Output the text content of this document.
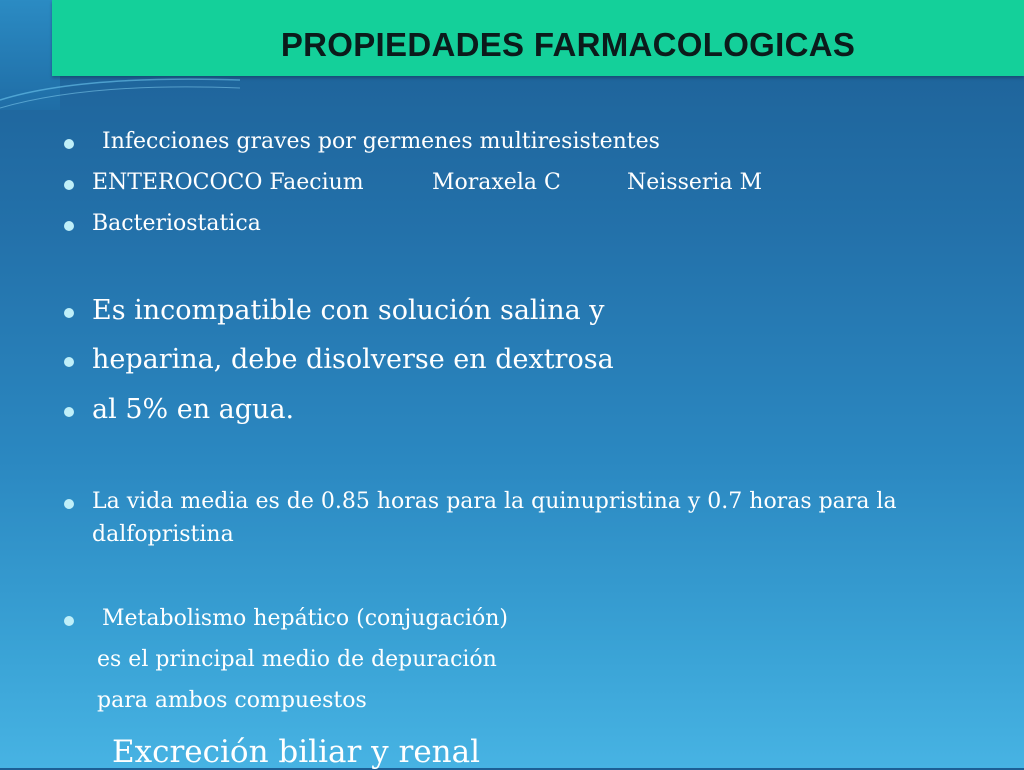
PROPIEDADES FARMACOLOGICAS
Infecciones graves por germenes multiresistentes
ENTEROCOCO Faecium	Moraxela C	Neisseria M
Bacteriostatica
Es incompatible con solución salina y
heparina, debe disolverse en dextrosa
al 5% en agua.
La vida media es de 0.85 horas para la quinupristina y 0.7 horas para la
dalfopristina
Metabolismo hepático (conjugación)
es el principal medio de depuración
para ambos compuestos
Excreción biliar y renal
